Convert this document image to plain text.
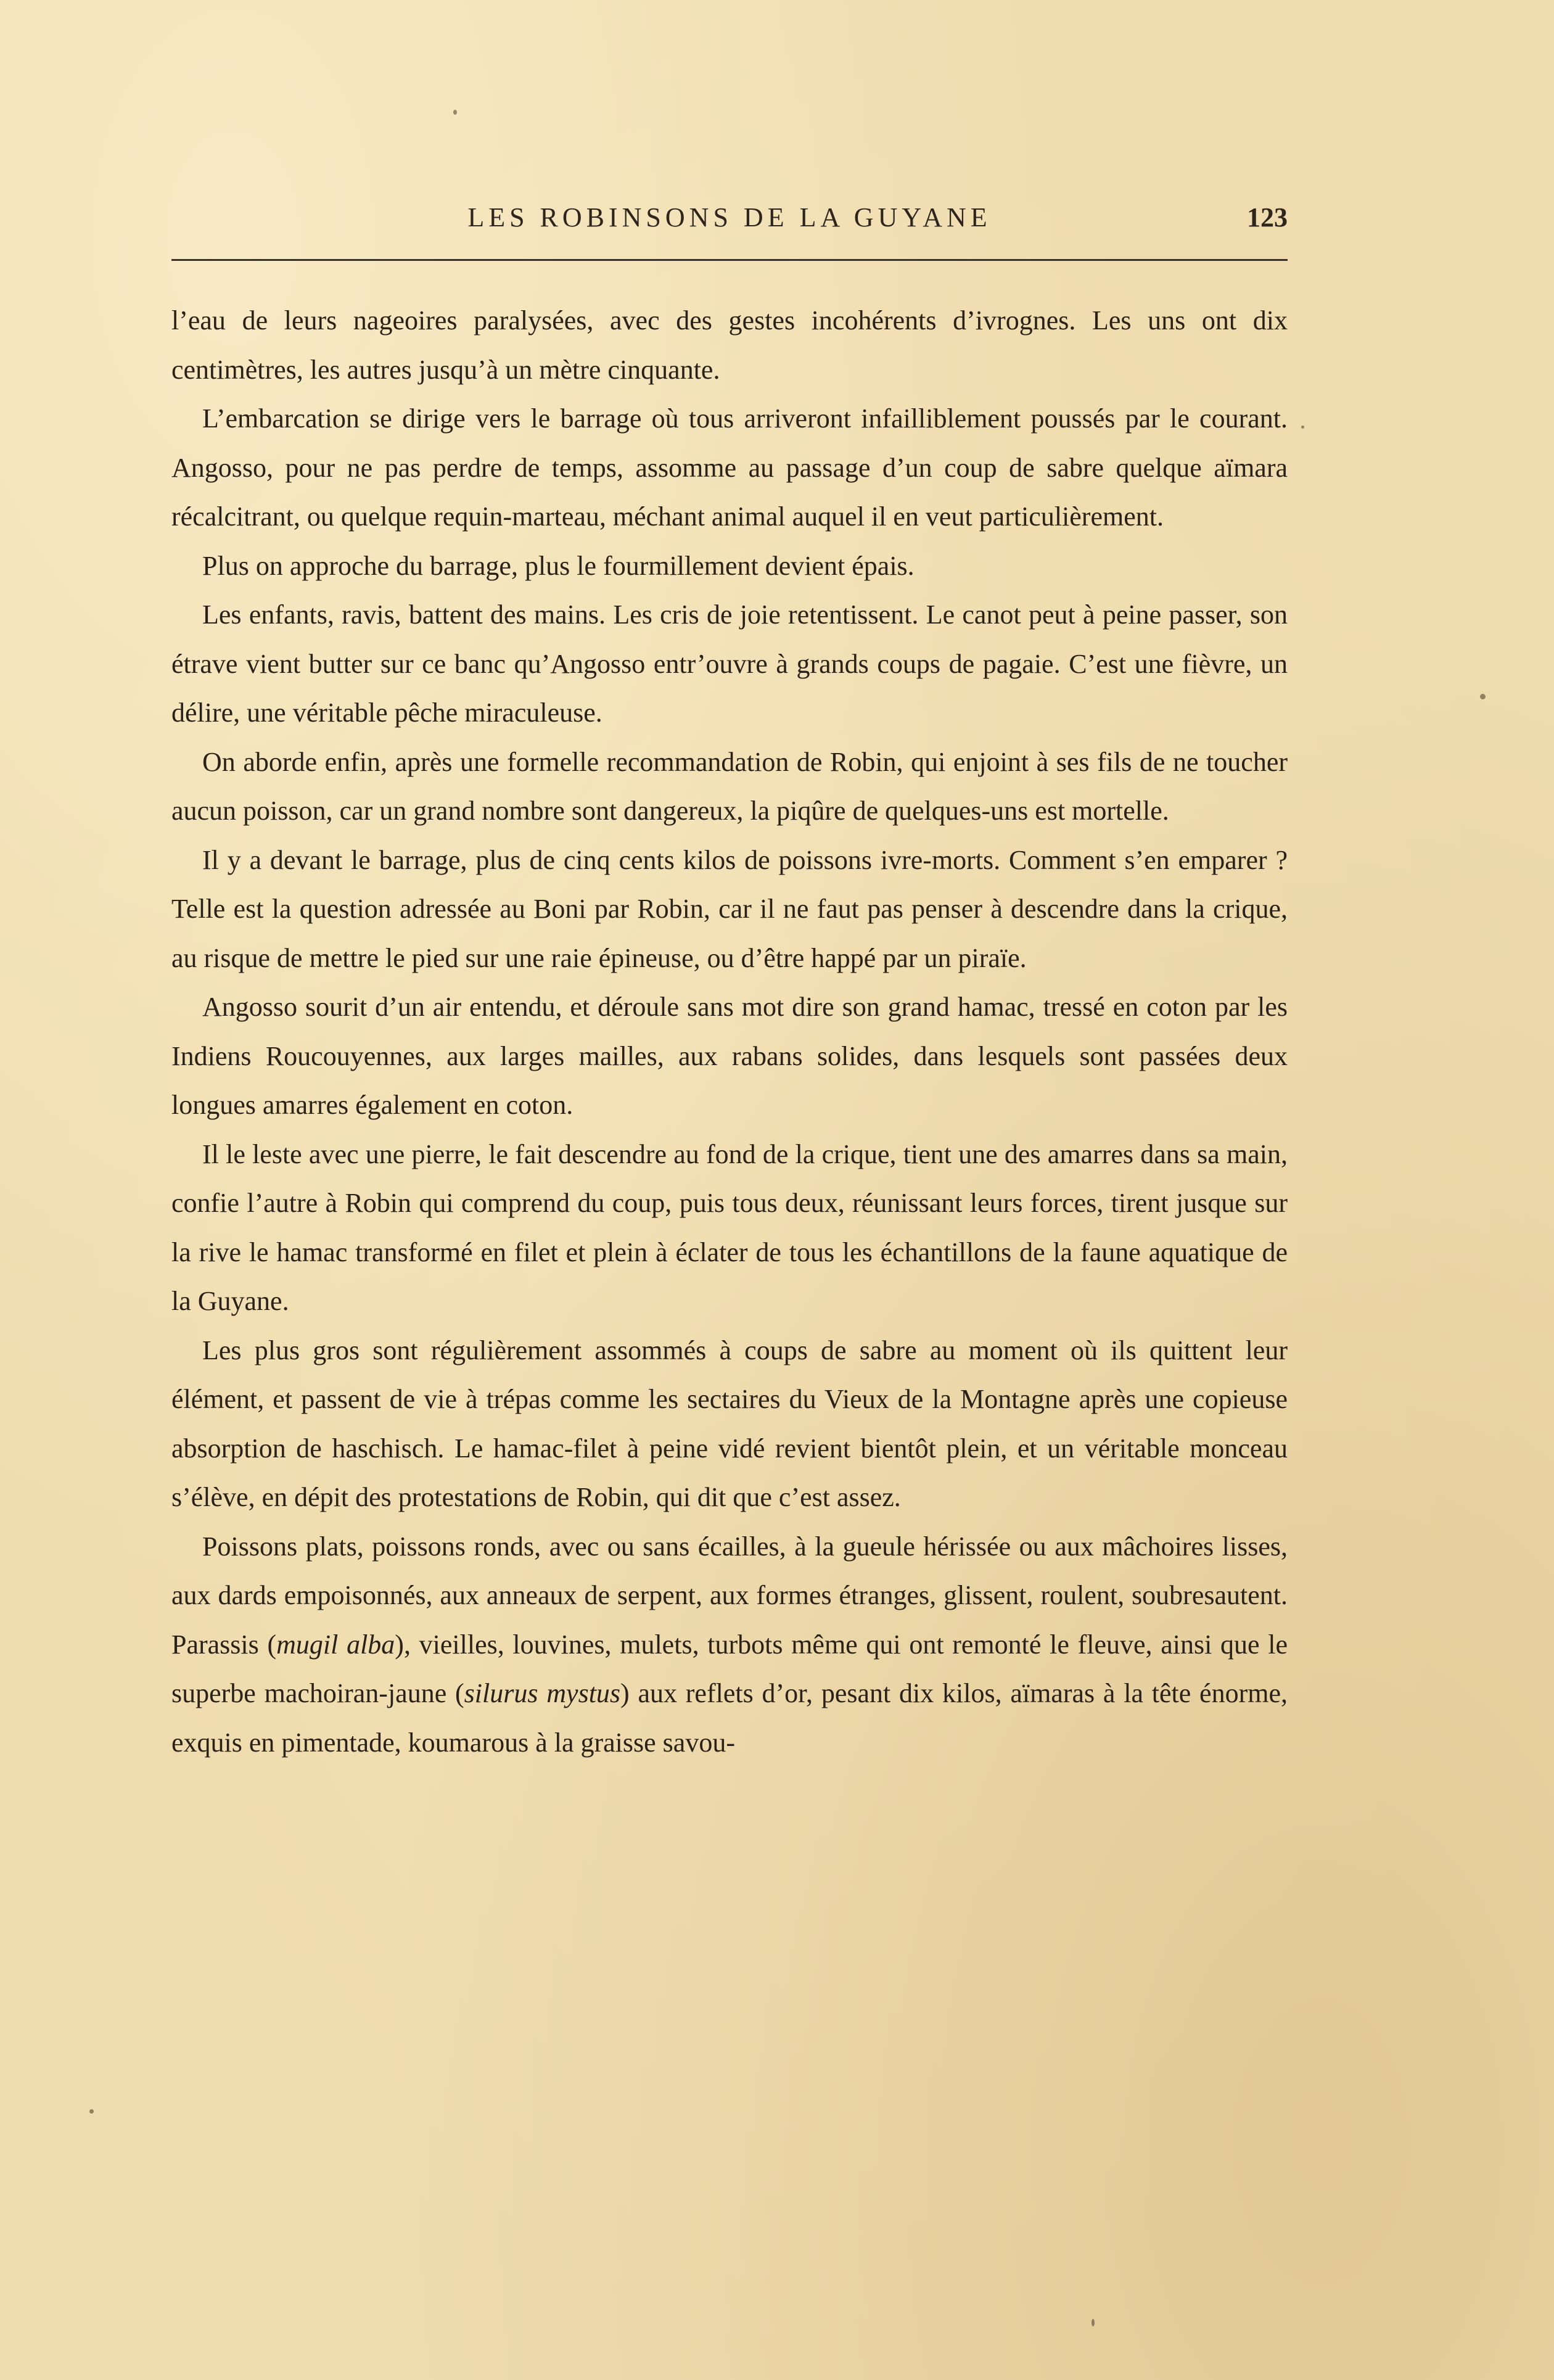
LES ROBINSONS DE LA GUYANE	123

l’eau de leurs nageoires paralysées, avec des gestes incohérents d’ivrognes. Les uns ont dix centimètres, les autres jusqu’à un mètre cinquante.

L’embarcation se dirige vers le barrage où tous arriveront infailliblement poussés par le courant. Angosso, pour ne pas perdre de temps, assomme au passage d’un coup de sabre quelque aïmara récalcitrant, ou quelque requin-marteau, méchant animal auquel il en veut particulièrement.

Plus on approche du barrage, plus le fourmillement devient épais.

Les enfants, ravis, battent des mains. Les cris de joie retentissent. Le canot peut à peine passer, son étrave vient butter sur ce banc qu’Angosso entr’ouvre à grands coups de pagaie. C’est une fièvre, un délire, une véritable pêche miraculeuse.

On aborde enfin, après une formelle recommandation de Robin, qui enjoint à ses fils de ne toucher aucun poisson, car un grand nombre sont dangereux, la piqûre de quelques-uns est mortelle.

Il y a devant le barrage, plus de cinq cents kilos de poissons ivre-morts. Comment s’en emparer ? Telle est la question adressée au Boni par Robin, car il ne faut pas penser à descendre dans la crique, au risque de mettre le pied sur une raie épineuse, ou d’être happé par un piraïe.

Angosso sourit d’un air entendu, et déroule sans mot dire son grand hamac, tressé en coton par les Indiens Roucouyennes, aux larges mailles, aux rabans solides, dans lesquels sont passées deux longues amarres également en coton.

Il le leste avec une pierre, le fait descendre au fond de la crique, tient une des amarres dans sa main, confie l’autre à Robin qui comprend du coup, puis tous deux, réunissant leurs forces, tirent jusque sur la rive le hamac transformé en filet et plein à éclater de tous les échantillons de la faune aquatique de la Guyane.

Les plus gros sont régulièrement assommés à coups de sabre au moment où ils quittent leur élément, et passent de vie à trépas comme les sectaires du Vieux de la Montagne après une copieuse absorption de haschisch. Le hamac-filet à peine vidé revient bientôt plein, et un véritable monceau s’élève, en dépit des protestations de Robin, qui dit que c’est assez.

Poissons plats, poissons ronds, avec ou sans écailles, à la gueule hérissée ou aux mâchoires lisses, aux dards empoisonnés, aux anneaux de serpent, aux formes étranges, glissent, roulent, soubresautent. Parassis (mugil alba), vieilles, louvines, mulets, turbots même qui ont remonté le fleuve, ainsi que le superbe machoiran-jaune (silurus mystus) aux reflets d’or, pesant dix kilos, aïmaras à la tête énorme, exquis en pimentade, koumarous à la graisse savou-
